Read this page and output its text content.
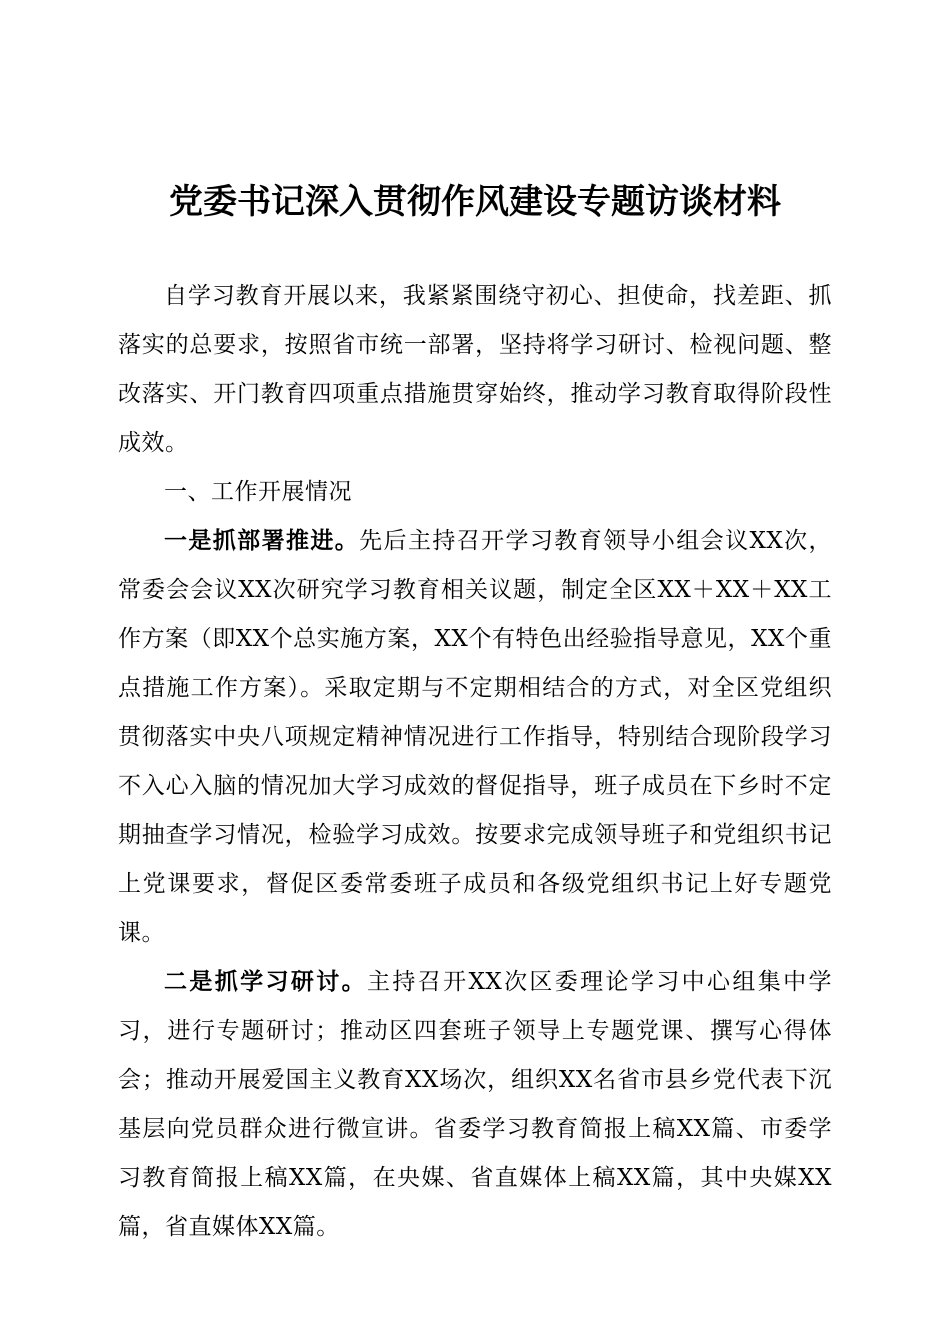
党委书记深入贯彻作风建设专题访谈材料

自学习教育开展以来，我紧紧围绕守初心、担使命，找差距、抓落实的总要求，按照省市统一部署，坚持将学习研讨、检视问题、整改落实、开门教育四项重点措施贯穿始终，推动学习教育取得阶段性成效。

一、工作开展情况

一是抓部署推进。先后主持召开学习教育领导小组会议XX次，常委会会议XX次研究学习教育相关议题，制定全区XX＋XX＋XX工作方案（即XX个总实施方案，XX个有特色出经验指导意见，XX个重点措施工作方案）。采取定期与不定期相结合的方式，对全区党组织贯彻落实中央八项规定精神情况进行工作指导，特别结合现阶段学习不入心入脑的情况加大学习成效的督促指导，班子成员在下乡时不定期抽查学习情况，检验学习成效。按要求完成领导班子和党组织书记上党课要求，督促区委常委班子成员和各级党组织书记上好专题党课。

二是抓学习研讨。主持召开XX次区委理论学习中心组集中学习，进行专题研讨；推动区四套班子领导上专题党课、撰写心得体会；推动开展爱国主义教育XX场次，组织XX名省市县乡党代表下沉基层向党员群众进行微宣讲。省委学习教育简报上稿XX篇、市委学习教育简报上稿XX篇，在央媒、省直媒体上稿XX篇，其中央媒XX篇，省直媒体XX篇。
